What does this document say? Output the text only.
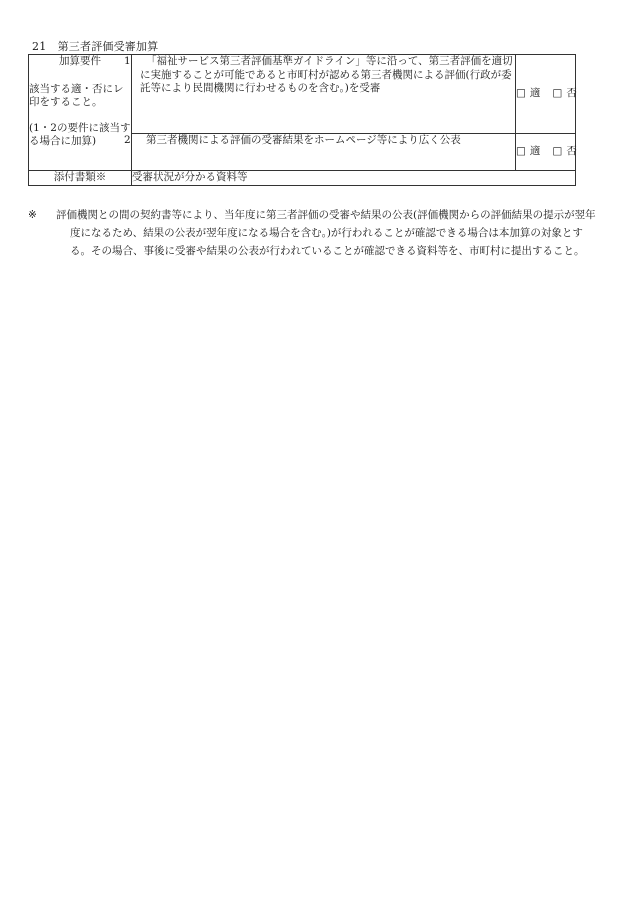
21　第三者評価受審加算
加算要件
該当する適・否にレ印をすること。
(1・2の要件に該当する場合に加算)	1 「福祉サービス第三者評価基準ガイドライン」等に沿って、第三者評価を適切に実施することが可能であると市町村が認める第三者機関による評価(行政が委託等により民間機関に行わせるものを含む。)を受審	□ 適 □ 否

	2 第三者機関による評価の受審結果をホームページ等により広く公表	□ 適 □ 否
添付書類※	受審状況が分かる資料等	
※ 評価機関との間の契約書等により、当年度に第三者評価の受審や結果の公表(評価機関からの評価結果の提示が翌年度になるため、結果の公表が翌年度になる場合を含む。)が行われることが確認できる場合は本加算の対象とする。その場合、事後に受審や結果の公表が行われていることが確認できる資料等を、市町村に提出すること。
